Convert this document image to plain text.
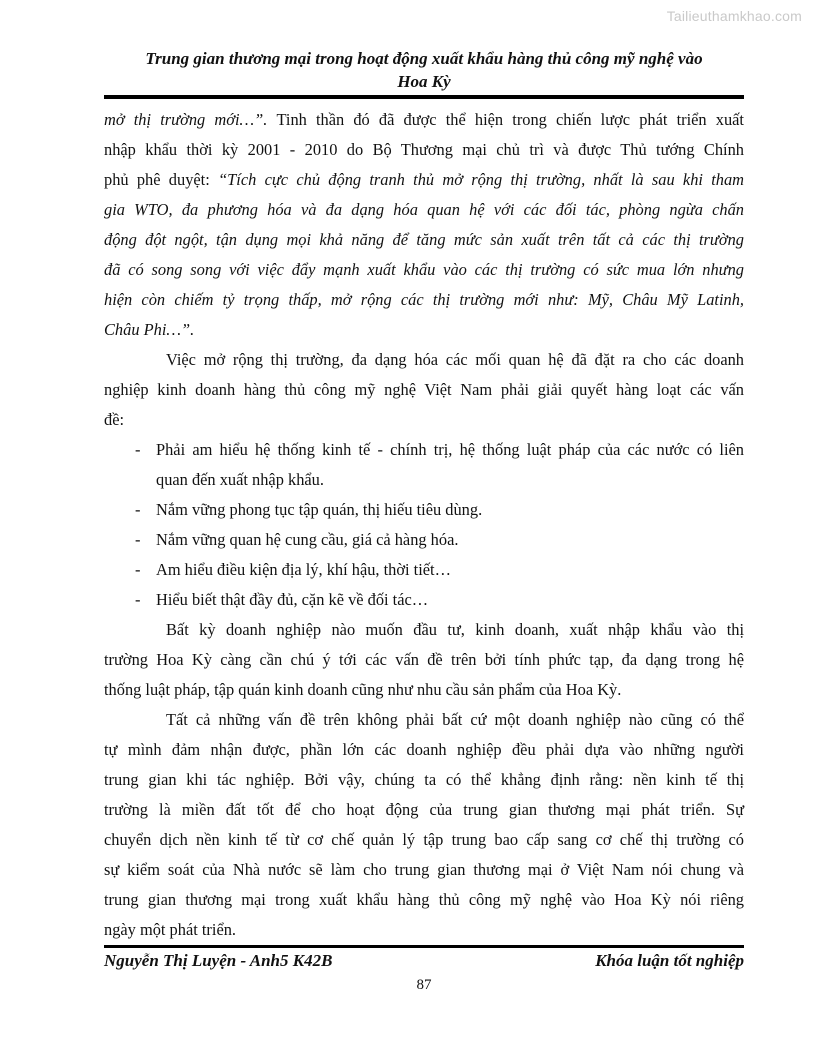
Tailieuthamkhao.com
Trung gian thương mại trong hoạt động xuất khẩu hàng thủ công mỹ nghệ vào
Hoa Kỳ
mở thị trường mới…”. Tinh thần đó đã được thể hiện trong chiến lược phát triển xuất
nhập khẩu thời kỳ 2001 - 2010 do Bộ Thương mại chủ trì và được Thủ tướng Chính
phủ phê duyệt: “Tích cực chủ động tranh thủ mở rộng thị trường, nhất là sau khi tham
gia WTO, đa phương hóa và đa dạng hóa quan hệ với các đối tác, phòng ngừa chấn
động đột ngột, tận dụng mọi khả năng để tăng mức sản xuất trên tất cả các thị trường
đã có song song với việc đẩy mạnh xuất khẩu vào các thị trường có sức mua lớn nhưng
hiện còn chiếm tỷ trọng thấp, mở rộng các thị trường mới như: Mỹ, Châu Mỹ Latinh,
Châu Phi…”.
Việc mở rộng thị trường, đa dạng hóa các mối quan hệ đã đặt ra cho các doanh
nghiệp kinh doanh hàng thủ công mỹ nghệ Việt Nam phải giải quyết hàng loạt các vấn
đề:
- Phải am hiểu hệ thống kinh tế - chính trị, hệ thống luật pháp của các nước có liên
quan đến xuất nhập khẩu.
- Nắm vững phong tục tập quán, thị hiếu tiêu dùng.
- Nắm vững quan hệ cung cầu, giá cả hàng hóa.
- Am hiểu điều kiện địa lý, khí hậu, thời tiết…
- Hiểu biết thật đầy đủ, cặn kẽ về đối tác…
Bất kỳ doanh nghiệp nào muốn đầu tư, kinh doanh, xuất nhập khẩu vào thị
trường Hoa Kỳ càng cần chú ý tới các vấn đề trên bởi tính phức tạp, đa dạng trong hệ
thống luật pháp, tập quán kinh doanh cũng như nhu cầu sản phẩm của Hoa Kỳ.
Tất cả những vấn đề trên không phải bất cứ một doanh nghiệp nào cũng có thể
tự mình đảm nhận được, phần lớn các doanh nghiệp đều phải dựa vào những người
trung gian khi tác nghiệp. Bởi vậy, chúng ta có thể khẳng định rằng: nền kinh tế thị
trường là miền đất tốt để cho hoạt động của trung gian thương mại phát triển. Sự
chuyển dịch nền kinh tế từ cơ chế quản lý tập trung bao cấp sang cơ chế thị trường có
sự kiểm soát của Nhà nước sẽ làm cho trung gian thương mại ở Việt Nam nói chung và
trung gian thương mại trong xuất khẩu hàng thủ công mỹ nghệ vào Hoa Kỳ nói riêng
ngày một phát triển.
Nguyễn Thị Luyện - Anh5 K42B	Khóa luận tốt nghiệp
87
